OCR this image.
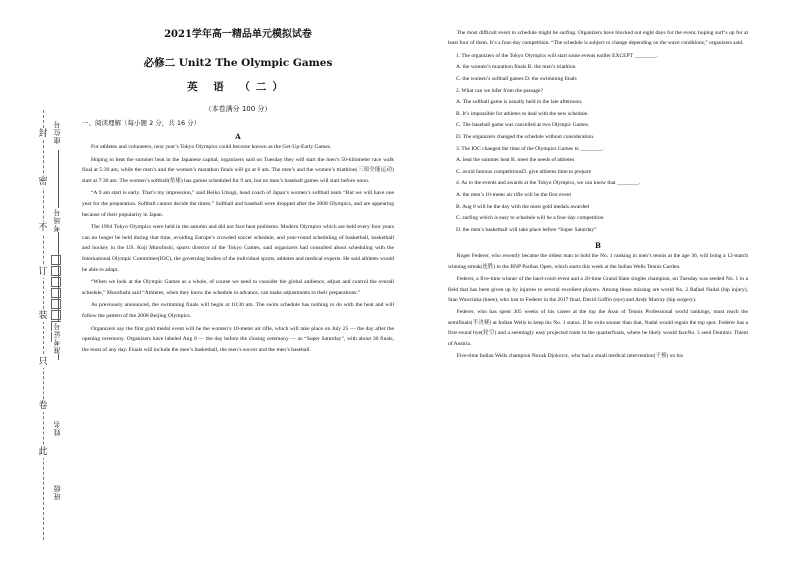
封
密
不
订
装
只
卷
此
座位号
考场号
准考证号
姓名
班级
2021学年高一精品单元模拟试卷
必修二 Unit2 The Olympic Games
英 语 （二）
（本卷满分 100 分）
一、阅读理解（每小题 2 分，共 16 分）
A

For athletes and volunteers, next year’s Tokyo Olympics could become known as the Get-Up-Early Games.

Hoping to beat the summer heat in the Japanese capital, organizers said on Tuesday they will start the men’s 50-kilometer race walk final at 5:30 am, while the men’s and the women’s marathon finals will go at 6 am. The men’s and the women’s triathlon(三项全能运动) start at 7:30 am. The women’s softball(垒球) has games scheduled for 9 am, but no men’s baseball games will start before noon.

“A 9 am start is early. That’s my impression,” said Reiko Utsugi, head coach of Japan’s women’s softball team “But we will have one year for the preparation. Softball cannot decide the times.” Softball and baseball were dropped after the 2008 Olympics, and are appearing because of their popularity in Japan.

The 1964 Tokyo Olympics were held in the autumn and did not face heat problems. Modern Olympics which are held every four years can no longer be held during that time, avoiding Europe’s crowded soccer schedule, and year-round scheduling of basketball, basketball and hockey in the US. Koji Murofushi, sports director of the Tokyo Games, said organizers had consulted about scheduling with the International Olympic Committee(IOC), the governing bodies of the individual sports, athletes and medical experts. He said athletes would be able to adapt.

“When we look at the Olympic Games as a whole, of course we need to consider the global audience, adjust and control the overall schedule,” Murofushi said “Athletes, when they know the schedule in advance, can make adjustments to their preparations.”

As previously announced, the swimming finals will begin at 10:30 am. The swim schedule has nothing to do with the heat and will follow the pattern of the 2008 Beijing Olympics.

Organizers say the first gold medal event will be the women’s 10-meter air rifle, which will take place on July 25 — the day after the opening ceremony. Organizers have labeled Aug 8 — the day before the closing ceremony — as “Super Saturday”, with about 30 finals, the most of any day. Finals will include the men’s basketball, the men’s soccer and the men’s baseball.

The most difficult event to schedule might be surfing. Organizers have blocked out eight days for the event, hoping surf’s up for at least four of them. It’s a four-day competition. “The schedule is subject to change depending on the wave conditions,” organizers said.

1. The organizers of the Tokyo Olympics will start some events earlier EXCEPT ________.
A. the women’s marathon finals B. the men’s triathlon
C. the women’s softball games D. the swimming finals
2. What can we infer from the passage?
A. The softball game is usually held in the late afternoon.
B. It’s impossible for athletes to deal with the new schedule.
C. The baseball game was cancelled at two Olympic Games.
D. The organizers changed the schedule without consideration.
3. The IOC changed the time of the Olympics Games to ________.
A. beat the summer heat B. meet the needs of athletes
C. avoid famous competitionsD. give athletes time to prepare
4. As to the events and awards at the Tokyo Olympics, we can know that ________.
A. the men’s 10-meter air rifle will be the first event
B. Aug 8 will be the day with the most gold medals awarded
C. surfing which is easy to schedule will be a four-day competition
D. the men’s basketball will take place before “Super Saturday”
B

Roger Federer, who recently became the oldest man to hold the No. 1 ranking in men’s tennis at the age 36, will bring a 12-match winning streak(连胜) to the BNP Paribas Open, which starts this week at the Indian Wells Tennis Garden.

Federer, a five-time winner of the hard-court event and a 20-time Grand Slam singles champion, on Tuesday was seeded No. 1 in a field that has been given up by injuries to several excellent players. Among those missing are world No. 2 Rafael Nadal (hip injury), Stan Wawrinka (knee), who lost to Federer in the 2017 final, David Goffin (eye) and Andy Murray (hip surgery).

Federer, who has spent 305 weeks of his career at the top the Assn of Tennis Professional world rankings, must reach the semifinals(半决赛) at Indian Wells to keep his No. 1 status. If he exits sooner than that, Nadal would regain the top spot. Federer has a first-round bye(轮空) and a seemingly easy projected route to the quarterfinals, where he likely would faceNo. 5 seed Dominic Thiem of Austria.

Five-time Indian Wells champion Novak Djokovic, who had a small medical intervention(干预) on his
